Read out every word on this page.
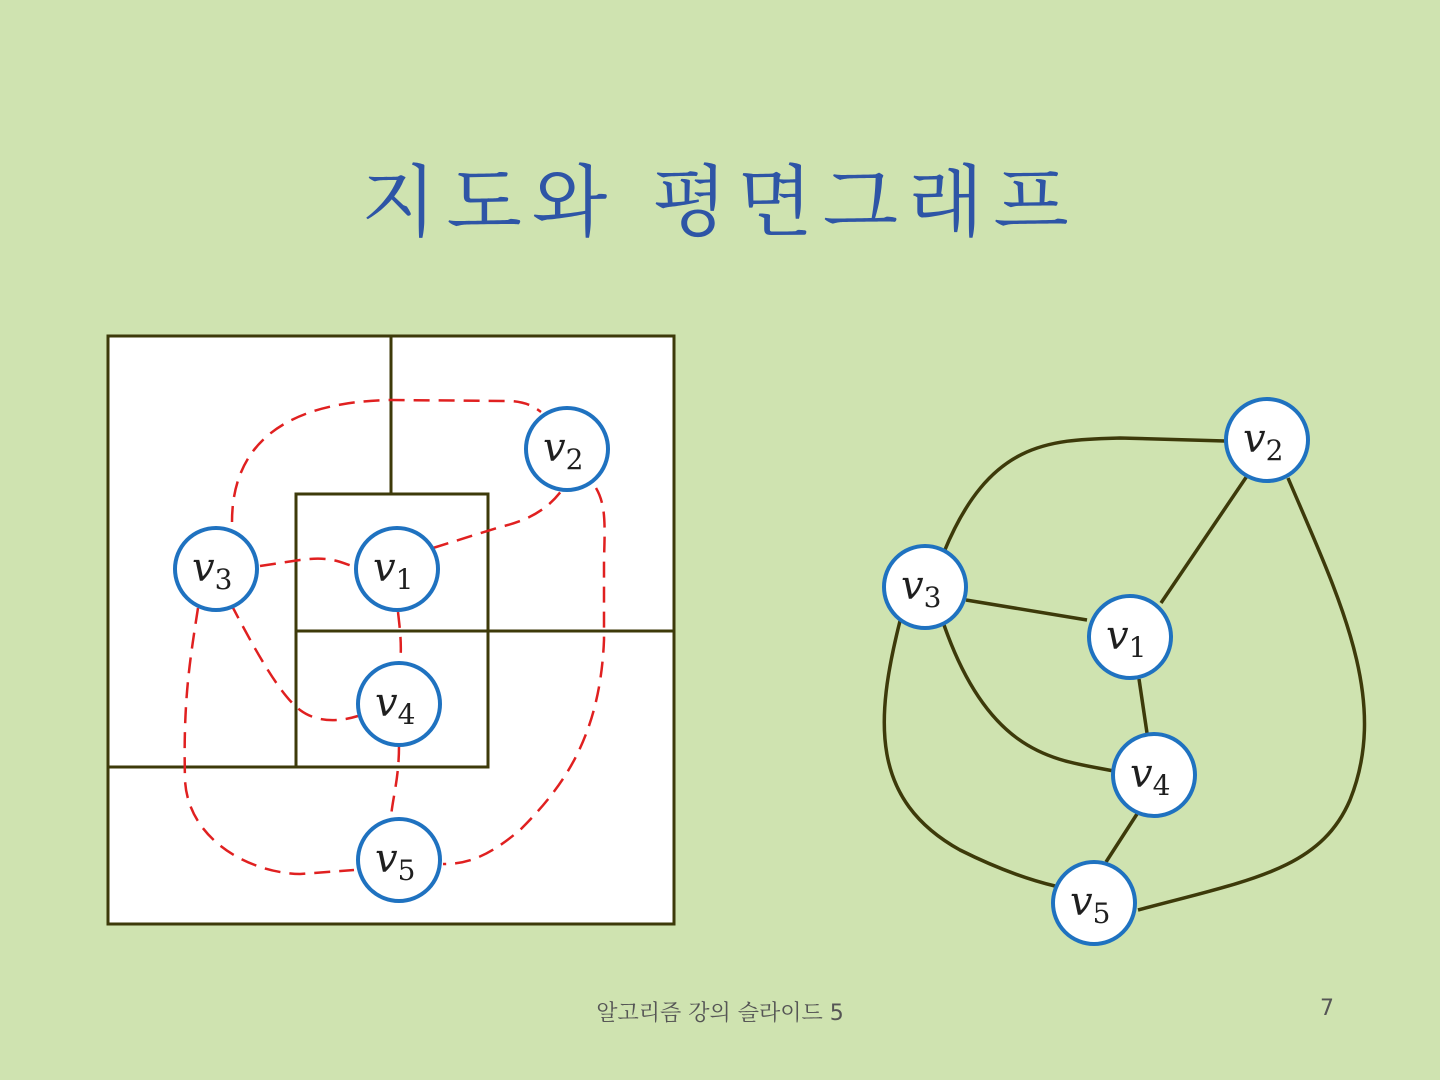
지도와 평면그래프
v1
v2
v3
v4
v5
v1
v2
v3
v4
v5
알고리즘 강의 슬라이드 5	7
